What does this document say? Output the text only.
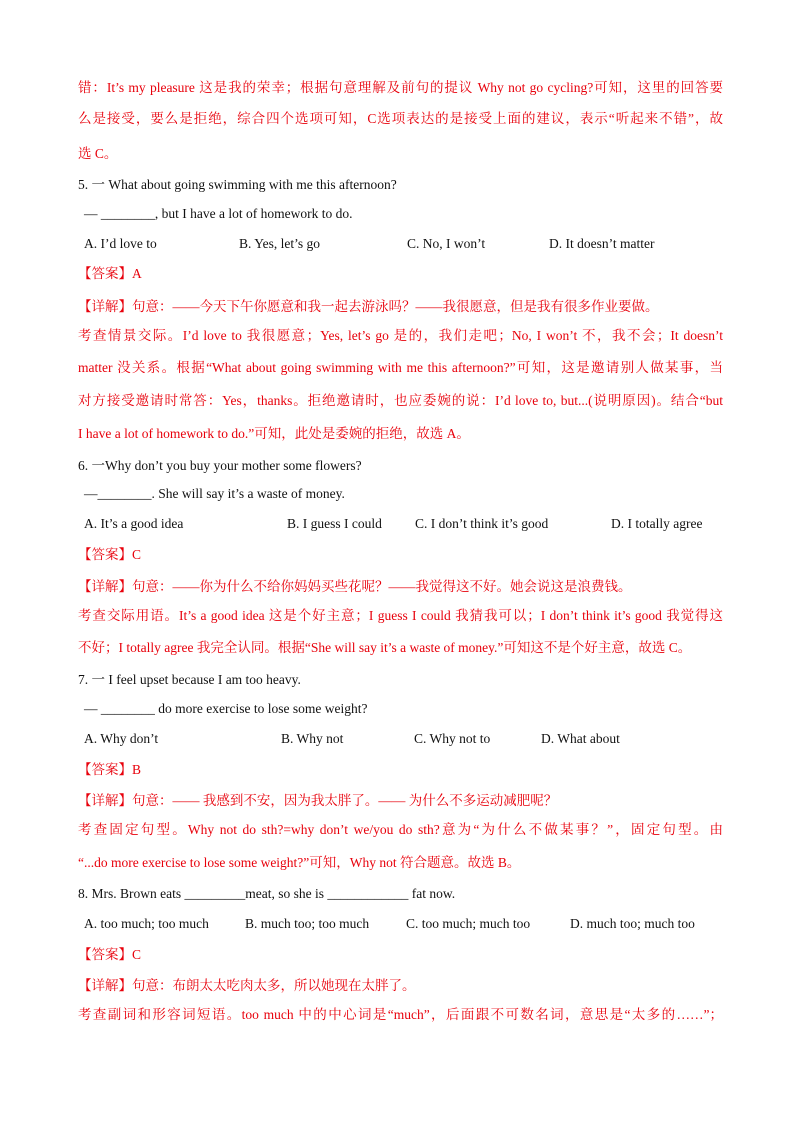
错：It’s my pleasure 这是我的荣幸；根据句意理解及前句的提议 Why not go cycling?可知，这里的回答要
么是接受，要么是拒绝，综合四个选项可知，C选项表达的是接受上面的建议，表示“听起来不错”，故
选 C。
5. 一 What about going swimming with me this afternoon?
— ________, but I have a lot of homework to do.
A. I’d love to	B. Yes, let’s go	C. No, I won’t	D. It doesn’t matter
【答案】A
【详解】句意：——今天下午你愿意和我一起去游泳吗？——我很愿意，但是我有很多作业要做。
考查情景交际。I’d love to 我很愿意；Yes, let’s go 是的，我们走吧；No, I won’t 不，我不会；It doesn’t
matter 没关系。根据“What about going swimming with me this afternoon?”可知，这是邀请别人做某事，当
对方接受邀请时常答：Yes，thanks。拒绝邀请时，也应委婉的说：I’d love to, but...(说明原因)。结合“but
I have a lot of homework to do.”可知，此处是委婉的拒绝，故选 A。
6. 一Why don’t you buy your mother some flowers?
—________. She will say it’s a waste of money.
A. It’s a good idea	B. I guess I could C. I don’t think it’s good	D. I totally agree
【答案】C
【详解】句意：——你为什么不给你妈妈买些花呢？——我觉得这不好。她会说这是浪费钱。
考查交际用语。It’s a good idea 这是个好主意；I guess I could 我猜我可以；I don’t think it’s good 我觉得这
不好；I totally agree 我完全认同。根据“She will say it’s a waste of money.”可知这不是个好主意，故选 C。
7. 一 I feel upset because I am too heavy.
— ________ do more exercise to lose some weight?
A. Why don’t	B. Why not	C. Why not to	D. What about
【答案】B
【详解】句意：—— 我感到不安，因为我太胖了。—— 为什么不多运动减肥呢？
考查固定句型。Why not do sth?=why don’t we/you do sth?意为“为什么不做某事？”，固定句型。由
“...do more exercise to lose some weight?”可知，Why not 符合题意。故选 B。
8. Mrs. Brown eats _________meat, so she is ____________ fat now.
A. too much; too much	B. much too; too much	C. too much; much too	D. much too; much too
【答案】C
【详解】句意：布朗太太吃肉太多，所以她现在太胖了。
考查副词和形容词短语。too much 中的中心词是“much”，后面跟不可数名词，意思是“太多的……”；
